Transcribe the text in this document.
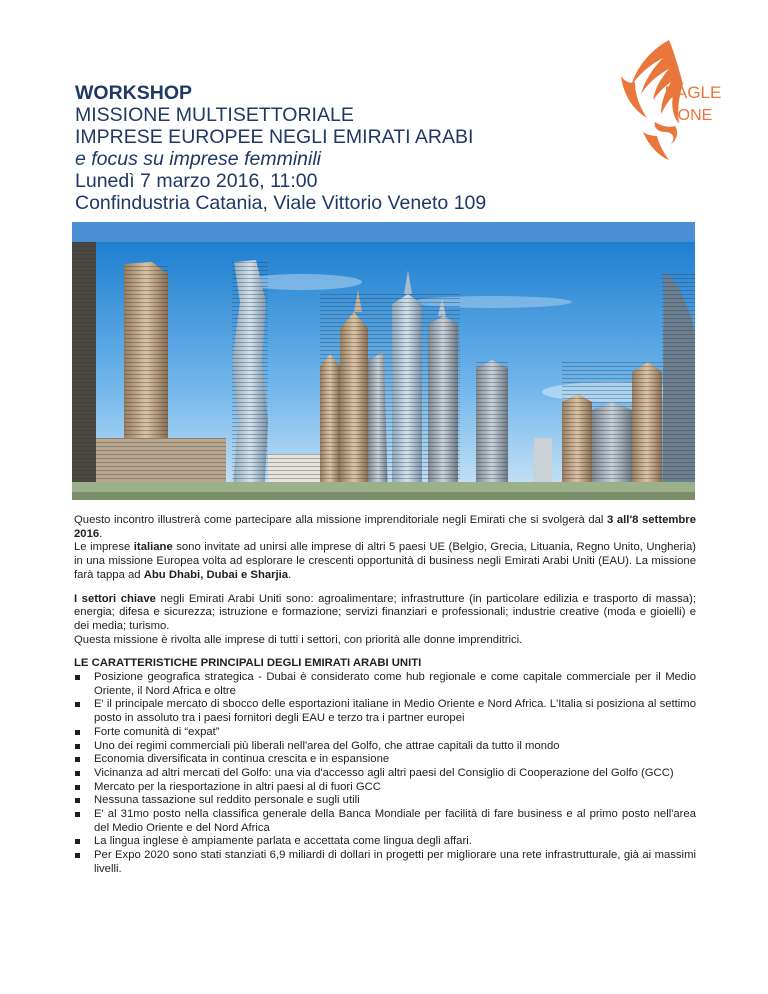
WORKSHOP
MISSIONE MULTISETTORIALE
IMPRESE EUROPEE NEGLI EMIRATI ARABI
e focus su imprese femminili
Lunedì 7 marzo 2016, 11:00
Confindustria Catania, Viale Vittorio Veneto 109
EAGLE
ONE

Questo incontro illustrerà come partecipare alla missione imprenditoriale negli Emirati che si svolgerà dal 3 all'8 settembre 2016.

Le imprese italiane sono invitate ad unirsi alle imprese di altri 5 paesi UE (Belgio, Grecia, Lituania, Regno Unito, Ungheria) in una missione Europea volta ad esplorare le crescenti opportunità di business negli Emirati Arabi Uniti (EAU). La missione farà tappa ad Abu Dhabi, Dubai e Sharjia.

I settori chiave negli Emirati Arabi Uniti sono: agroalimentare; infrastrutture (in particolare edilizia e trasporto di massa); energia; difesa e sicurezza; istruzione e formazione; servizi finanziari e professionali; industrie creative (moda e gioielli) e dei media; turismo.

Questa missione è rivolta alle imprese di tutti i settori, con priorità alle donne imprenditrici.

LE CARATTERISTICHE PRINCIPALI DEGLI EMIRATI ARABI UNITI

Posizione geografica strategica - Dubai è considerato come hub regionale e come capitale commerciale per il Medio Oriente, il Nord Africa e oltre
E' il principale mercato di sbocco delle esportazioni italiane in Medio Oriente e Nord Africa. L'Italia si posiziona al settimo posto in assoluto tra i paesi fornitori degli EAU e terzo tra i partner europei
Forte comunità di “expat”
Uno dei regimi commerciali più liberali nell'area del Golfo, che attrae capitali da tutto il mondo
Economia diversificata in continua crescita e in espansione
Vicinanza ad altri mercati del Golfo: una via d'accesso agli altri paesi del Consiglio di Cooperazione del Golfo (GCC)
Mercato per la riesportazione in altri paesi al di fuori GCC
Nessuna tassazione sul reddito personale e sugli utili
E' al 31mo posto nella classifica generale della Banca Mondiale per facilità di fare business e al primo posto nell'area del Medio Oriente e del Nord Africa
La lingua inglese è ampiamente parlata e accettata come lingua degli affari.
Per Expo 2020 sono stati stanziati 6,9 miliardi di dollari in progetti per migliorare una rete infrastrutturale, già ai massimi livelli.
